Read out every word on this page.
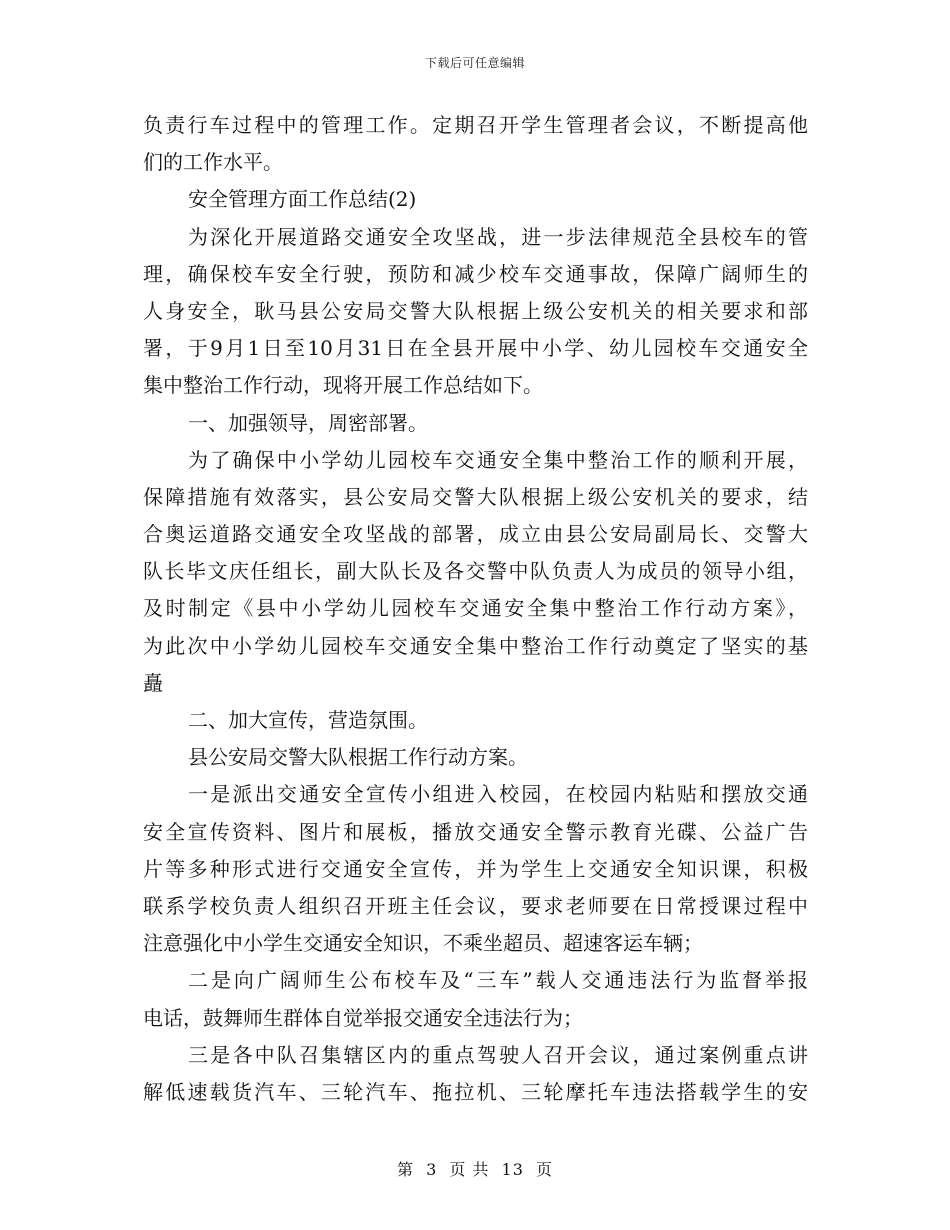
下载后可任意编辑
负责行车过程中的管理工作。定期召开学生管理者会议，不断提高他
们的工作水平。
安全管理方面工作总结(2)
为深化开展道路交通安全攻坚战，进一步法律规范全县校车的管
理，确保校车安全行驶，预防和减少校车交通事故，保障广阔师生的
人身安全，耿马县公安局交警大队根据上级公安机关的相关要求和部
署，于9月1日至10月31日在全县开展中小学、幼儿园校车交通安全
集中整治工作行动，现将开展工作总结如下。
一、加强领导，周密部署。
为了确保中小学幼儿园校车交通安全集中整治工作的顺利开展，
保障措施有效落实，县公安局交警大队根据上级公安机关的要求，结
合奥运道路交通安全攻坚战的部署，成立由县公安局副局长、交警大
队长毕文庆任组长，副大队长及各交警中队负责人为成员的领导小组，
及时制定《县中小学幼儿园校车交通安全集中整治工作行动方案》，
为此次中小学幼儿园校车交通安全集中整治工作行动奠定了坚实的基
矗
二、加大宣传，营造氛围。
县公安局交警大队根据工作行动方案。
一是派出交通安全宣传小组进入校园，在校园内粘贴和摆放交通
安全宣传资料、图片和展板，播放交通安全警示教育光碟、公益广告
片等多种形式进行交通安全宣传，并为学生上交通安全知识课，积极
联系学校负责人组织召开班主任会议，要求老师要在日常授课过程中
注意强化中小学生交通安全知识，不乘坐超员、超速客运车辆；
二是向广阔师生公布校车及“三车”载人交通违法行为监督举报
电话，鼓舞师生群体自觉举报交通安全违法行为；
三是各中队召集辖区内的重点驾驶人召开会议，通过案例重点讲
解低速载货汽车、三轮汽车、拖拉机、三轮摩托车违法搭载学生的安
第 3 页 共 13 页
